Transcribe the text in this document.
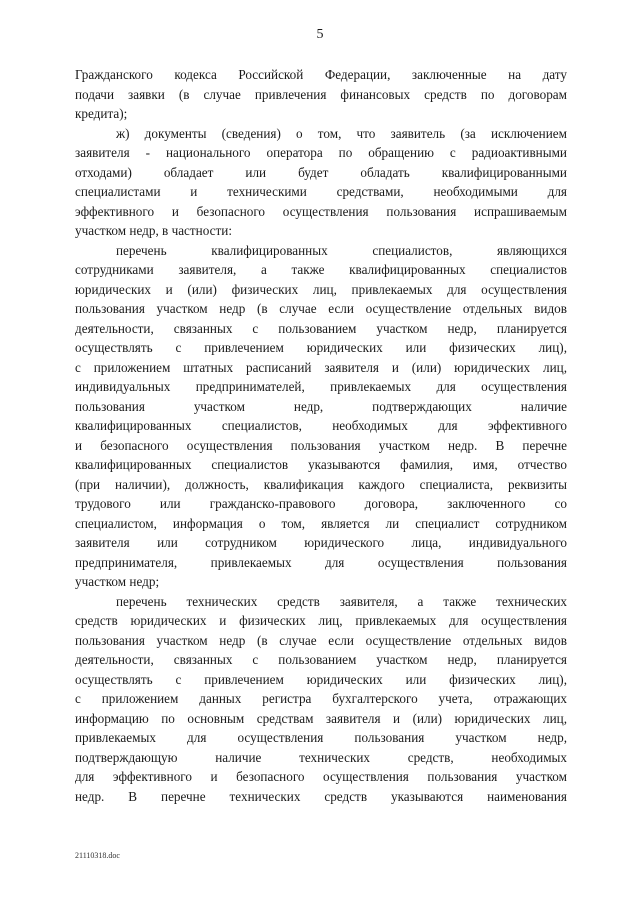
5
Гражданского кодекса Российской Федерации, заключенные на дату
подачи заявки (в случае привлечения финансовых средств по договорам
кредита);
ж) документы (сведения) о том, что заявитель (за исключением
заявителя - национального оператора по обращению с радиоактивными
отходами) обладает или будет обладать квалифицированными
специалистами и техническими средствами, необходимыми для
эффективного и безопасного осуществления пользования испрашиваемым
участком недр, в частности:
перечень квалифицированных специалистов, являющихся
сотрудниками заявителя, а также квалифицированных специалистов
юридических и (или) физических лиц, привлекаемых для осуществления
пользования участком недр (в случае если осуществление отдельных видов
деятельности, связанных с пользованием участком недр, планируется
осуществлять с привлечением юридических или физических лиц),
с приложением штатных расписаний заявителя и (или) юридических лиц,
индивидуальных предпринимателей, привлекаемых для осуществления
пользования участком недр, подтверждающих наличие
квалифицированных специалистов, необходимых для эффективного
и безопасного осуществления пользования участком недр. В перечне
квалифицированных специалистов указываются фамилия, имя, отчество
(при наличии), должность, квалификация каждого специалиста, реквизиты
трудового или гражданско-правового договора, заключенного со
специалистом, информация о том, является ли специалист сотрудником
заявителя или сотрудником юридического лица, индивидуального
предпринимателя, привлекаемых для осуществления пользования
участком недр;
перечень технических средств заявителя, а также технических
средств юридических и физических лиц, привлекаемых для осуществления
пользования участком недр (в случае если осуществление отдельных видов
деятельности, связанных с пользованием участком недр, планируется
осуществлять с привлечением юридических или физических лиц),
с приложением данных регистра бухгалтерского учета, отражающих
информацию по основным средствам заявителя и (или) юридических лиц,
привлекаемых для осуществления пользования участком недр,
подтверждающую наличие технических средств, необходимых
для эффективного и безопасного осуществления пользования участком
недр. В перечне технических средств указываются наименования
21110318.doc
